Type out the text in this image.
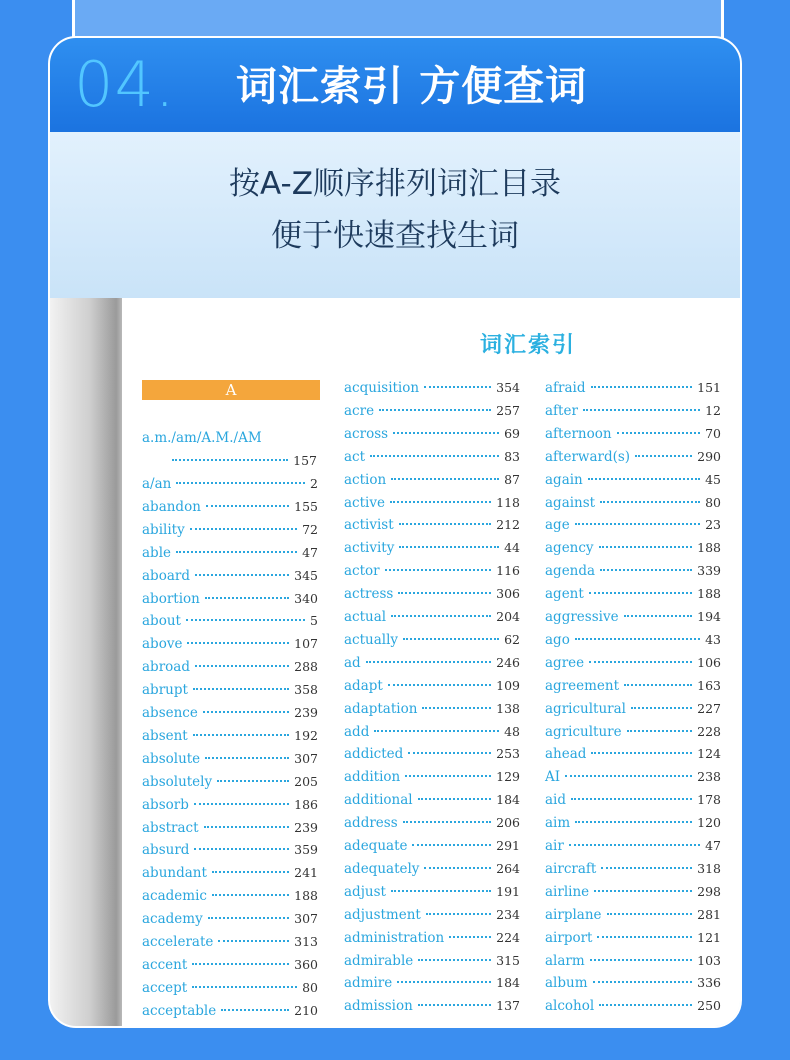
04. 词汇索引 方便查词
按A-Z顺序排列词汇目录
便于快速查找生词
词汇索引
A
a.m./am/A.M./AM
157
a/an	2
abandon	155
ability	72
able	47
aboard	345
abortion	340
about	5
above	107
abroad	288
abrupt	358
absence	239
absent	192
absolute	307
absolutely	205
absorb	186
abstract	239
absurd	359
abundant	241
academic	188
academy	307
accelerate	313
accent	360
accept	80
acceptable	210
acquisition	354
acre	257
across	69
act	83
action	87
active	118
activist	212
activity	44
actor	116
actress	306
actual	204
actually	62
ad	246
adapt	109
adaptation	138
add	48
addicted	253
addition	129
additional	184
address	206
adequate	291
adequately	264
adjust	191
adjustment	234
administration	224
admirable	315
admire	184
admission	137
afraid	151
after	12
afternoon	70
afterward(s)	290
again	45
against	80
age	23
agency	188
agenda	339
agent	188
aggressive	194
ago	43
agree	106
agreement	163
agricultural	227
agriculture	228
ahead	124
AI	238
aid	178
aim	120
air	47
aircraft	318
airline	298
airplane	281
airport	121
alarm	103
album	336
alcohol	250
